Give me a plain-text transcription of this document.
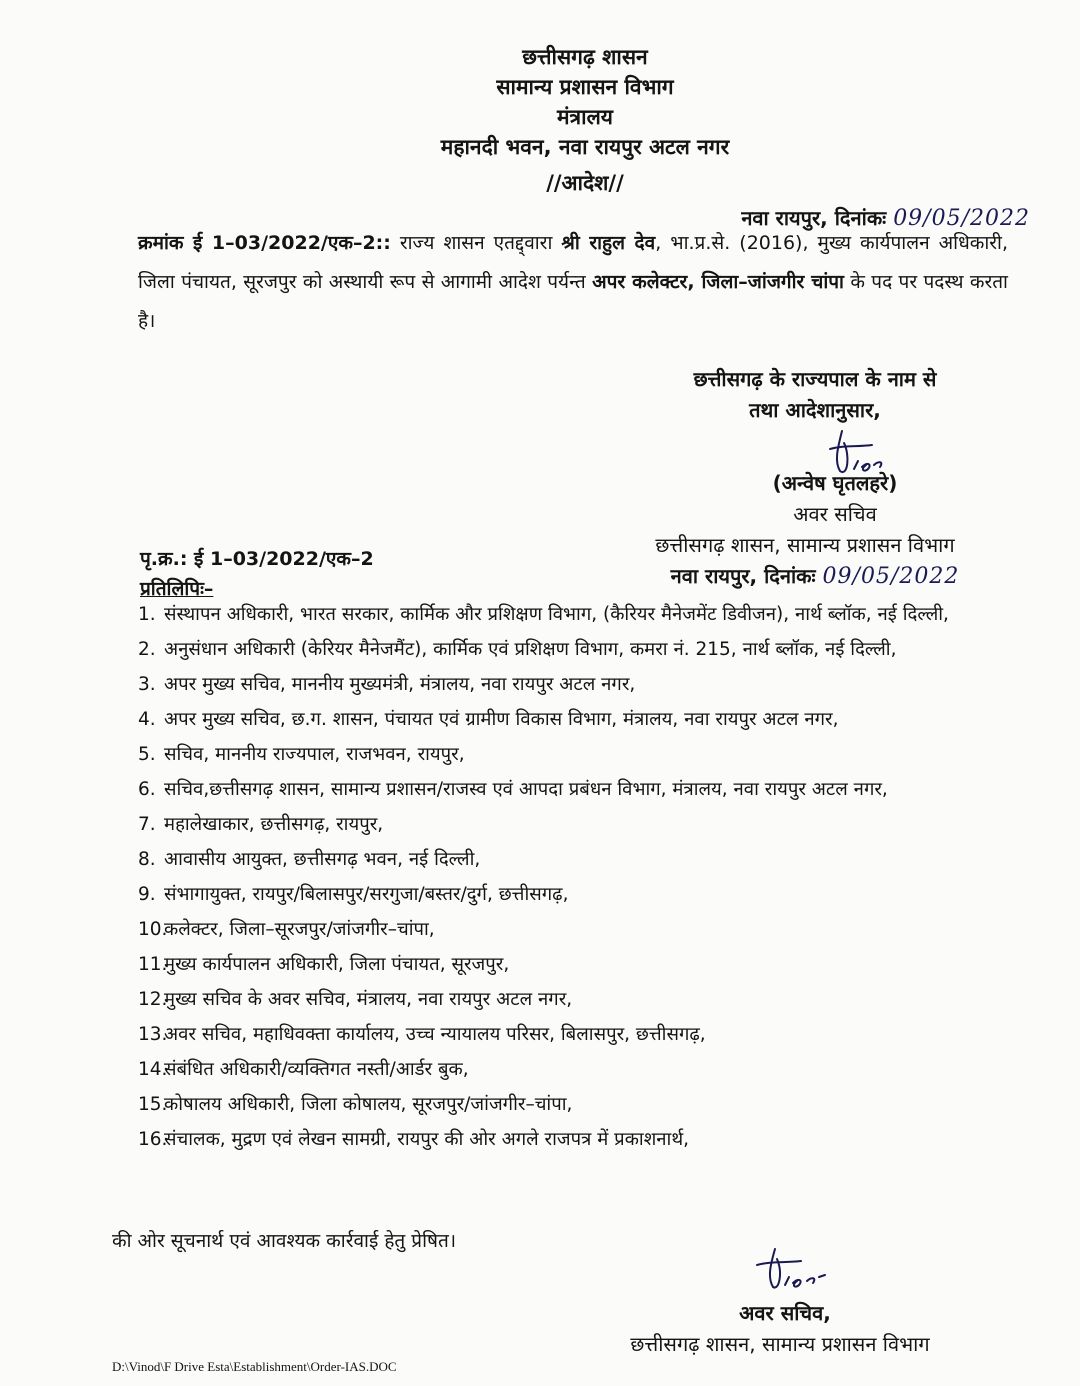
छत्तीसगढ़ शासन
सामान्य प्रशासन विभाग
मंत्रालय
महानदी भवन, नवा रायपुर अटल नगर
//आदेश//
नवा रायपुर, दिनांकः 09/05/2022
क्रमांक ई 1–03/2022/एक–2:: राज्य शासन एतद्द्वारा श्री राहुल देव, भा.प्र.से. (2016), मुख्य कार्यपालन अधिकारी, जिला पंचायत, सूरजपुर को अस्थायी रूप से आगामी आदेश पर्यन्त अपर कलेक्टर, जिला–जांजगीर चांपा के पद पर पदस्थ करता है।
छत्तीसगढ़ के राज्यपाल के नाम से
तथा आदेशानुसार,
(अन्वेष घृतलहरे)
अवर सचिव
छत्तीसगढ़ शासन, सामान्य प्रशासन विभाग
नवा रायपुर, दिनांकः 09/05/2022
पृ.क्र.: ई 1–03/2022/एक–2
प्रतिलिपिः–
1. संस्थापन अधिकारी, भारत सरकार, कार्मिक और प्रशिक्षण विभाग, (कैरियर मैनेजमेंट डिवीजन), नार्थ ब्लॉक, नई दिल्ली,
2. अनुसंधान अधिकारी (केरियर मैनेजमैंट), कार्मिक एवं प्रशिक्षण विभाग, कमरा नं. 215, नार्थ ब्लॉक, नई दिल्ली,
3. अपर मुख्य सचिव, माननीय मुख्यमंत्री, मंत्रालय, नवा रायपुर अटल नगर,
4. अपर मुख्य सचिव, छ.ग. शासन, पंचायत एवं ग्रामीण विकास विभाग, मंत्रालय, नवा रायपुर अटल नगर,
5. सचिव, माननीय राज्यपाल, राजभवन, रायपुर,
6. सचिव,छत्तीसगढ़ शासन, सामान्य प्रशासन/राजस्व एवं आपदा प्रबंधन विभाग, मंत्रालय, नवा रायपुर अटल नगर,
7. महालेखाकार, छत्तीसगढ़, रायपुर,
8. आवासीय आयुक्त, छत्तीसगढ़ भवन, नई दिल्ली,
9. संभागायुक्त, रायपुर/बिलासपुर/सरगुजा/बस्तर/दुर्ग, छत्तीसगढ़,
10.
कलेक्टर, जिला–सूरजपुर/जांजगीर–चांपा,
11.
मुख्य कार्यपालन अधिकारी, जिला पंचायत, सूरजपुर,
12.
मुख्य सचिव के अवर सचिव, मंत्रालय, नवा रायपुर अटल नगर,
13.
अवर सचिव, महाधिवक्ता कार्यालय, उच्च न्यायालय परिसर, बिलासपुर, छत्तीसगढ़,
14.
संबंधित अधिकारी/व्यक्तिगत नस्ती/आर्डर बुक,
15.
कोषालय अधिकारी, जिला कोषालय, सूरजपुर/जांजगीर–चांपा,
16.
संचालक, मुद्रण एवं लेखन सामग्री, रायपुर की ओर अगले राजपत्र में प्रकाशनार्थ,
की ओर सूचनार्थ एवं आवश्यक कार्रवाई हेतु प्रेषित।
अवर सचिव,
छत्तीसगढ़ शासन, सामान्य प्रशासन विभाग
D:\Vinod\F Drive Esta\Establishment\Order-IAS.DOC
